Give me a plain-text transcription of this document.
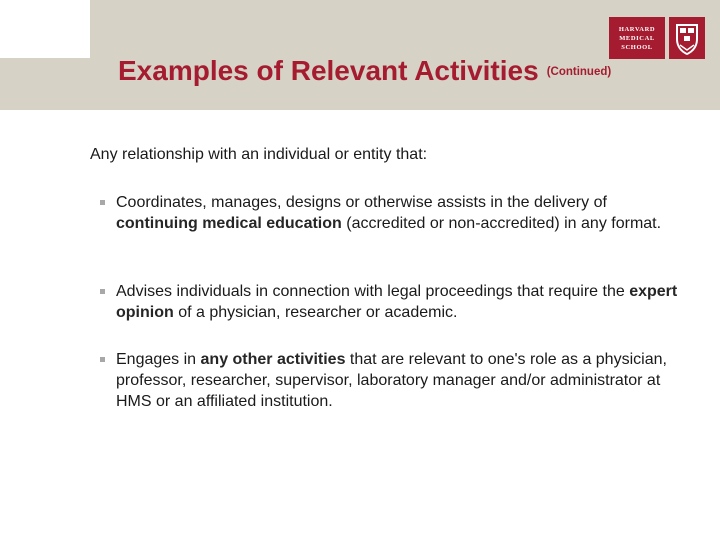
Examples of Relevant Activities (Continued)
HARVARD
MEDICAL
SCHOOL

Any relationship with an individual or entity that:

Coordinates, manages, designs or otherwise assists in the delivery of continuing medical education (accredited or non-accredited) in any format.
Advises individuals in connection with legal proceedings that require the expert opinion of a physician, researcher or academic.
Engages in any other activities that are relevant to one's role as a physician, professor, researcher, supervisor, laboratory manager and/or administrator at HMS or an affiliated institution.
